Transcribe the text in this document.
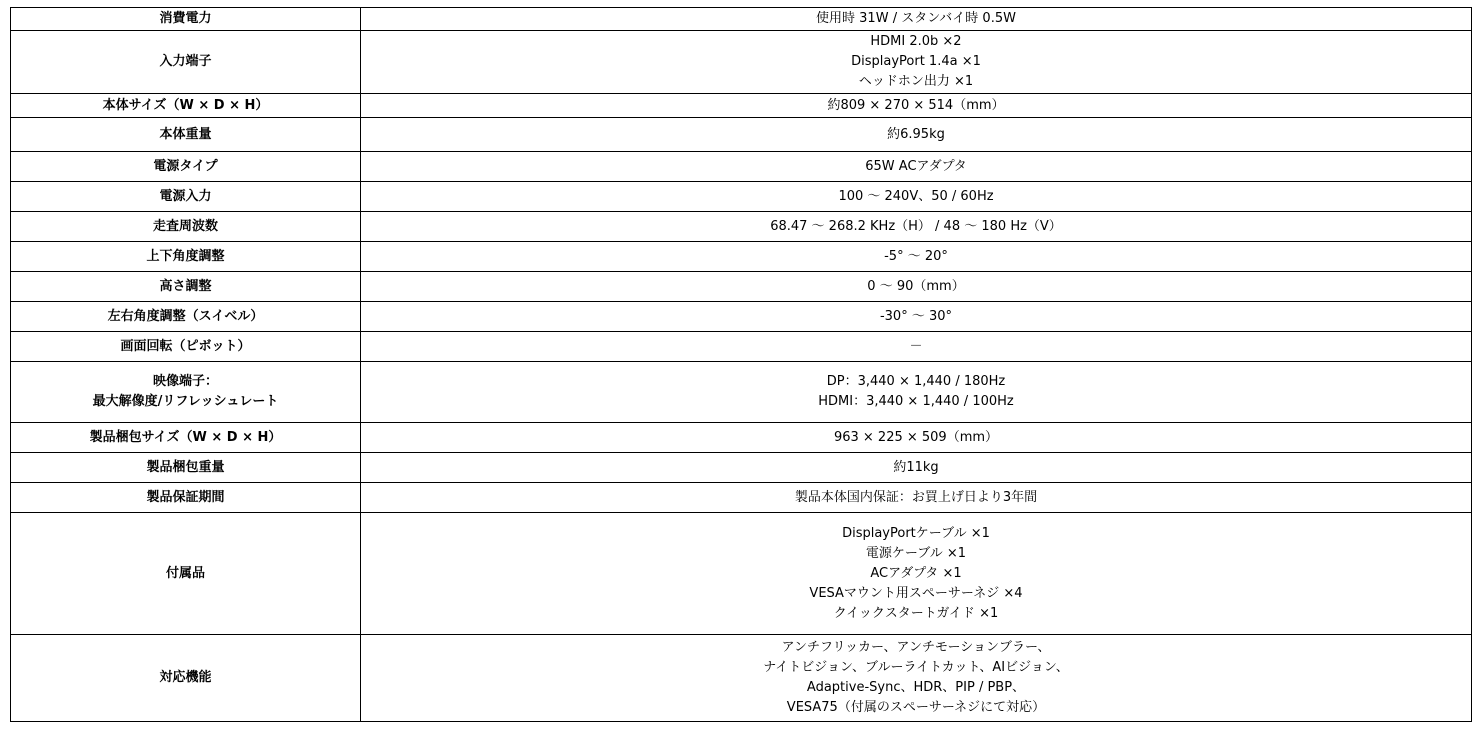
消費電力	使用時 31W / スタンバイ時 0.5W

入力端子	HDMI 2.0b ×2
DisplayPort 1.4a ×1
ヘッドホン出力 ×1

本体サイズ（W × D × H）	約809 × 270 × 514（mm）

本体重量	約6.95kg

電源タイプ	65W ACアダプタ

電源入力	100 ～ 240V、50 / 60Hz

走査周波数	68.47 ～ 268.2 KHz（H） / 48 ～ 180 Hz（V）

上下角度調整	-5° ～ 20°

高さ調整	0 ～ 90（mm）

左右角度調整（スイベル）	-30° ～ 30°

画面回転（ピボット）	－

映像端子：
最大解像度/リフレッシュレート	DP：3,440 × 1,440 / 180Hz
HDMI：3,440 × 1,440 / 100Hz

製品梱包サイズ（W × D × H）	963 × 225 × 509（mm）

製品梱包重量	約11kg

製品保証期間	製品本体国内保証：お買上げ日より3年間

付属品	DisplayPortケーブル ×1
電源ケーブル ×1
ACアダプタ ×1
VESAマウント用スペーサーネジ ×4
クイックスタートガイド ×1

対応機能	アンチフリッカー、アンチモーションブラー、
ナイトビジョン、ブルーライトカット、AIビジョン、
Adaptive-Sync、HDR、PIP / PBP、
VESA75（付属のスペーサーネジにて対応）
